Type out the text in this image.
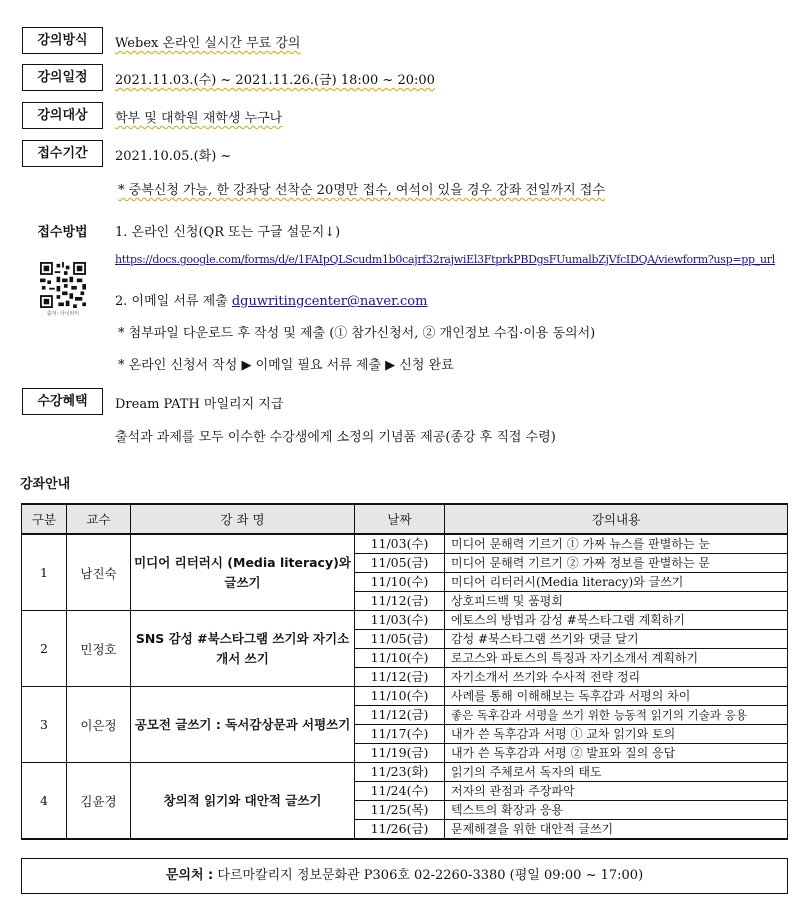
강의방식	Webex 온라인 실시간 무료 강의
강의일정	2021.11.03.(수) ~ 2021.11.26.(금) 18:00 ~ 20:00
강의대상	학부 및 대학원 재학생 누구나
접수기간	2021.10.05.(화) ~
* 중복신청 가능, 한 강좌당 선착순 20명만 접수, 여석이 있을 경우 강좌 전일까지 접수
접수방법	1. 온라인 신청(QR 또는 구글 설문지↓)
https://docs.google.com/forms/d/e/1FAIpQLScudm1b0cajrf32rajwiEl3FtprkPBDgsFUumalbZjVfcIDQA/viewform?usp=pp_url
출처: 아이러미
2. 이메일 서류 제출 dguwritingcenter@naver.com
* 첨부파일 다운로드 후 작성 및 제출 (① 참가신청서, ② 개인정보 수집·이용 동의서)
* 온라인 신청서 작성 ▶ 이메일 필요 서류 제출 ▶ 신청 완료
수강혜택	Dream PATH 마일리지 지급
출석과 과제를 모두 이수한 수강생에게 소정의 기념품 제공(종강 후 직접 수령)
강좌안내
구분	교수	강 좌 명	날짜	강의내용
1	남진숙	미디어 리터러시 (Media literacy)와 글쓰기	11/03(수)	미디어 문해력 기르기 ① 가짜 뉴스를 판별하는 눈
			11/05(금)	미디어 문해력 기르기 ② 가짜 정보를 판별하는 문
			11/10(수)	미디어 리터러시(Media literacy)와 글쓰기
			11/12(금)	상호피드백 및 품평회
2	민정호	SNS 감성 #북스타그램 쓰기와 자기소개서 쓰기	11/03(수)	에토스의 방법과 감성 #북스타그램 계획하기
			11/05(금)	감성 #북스타그램 쓰기와 댓글 달기
			11/10(수)	로고스와 파토스의 특징과 자기소개서 계획하기
			11/12(금)	자기소개서 쓰기와 수사적 전략 정리
3	이은정	공모전 글쓰기 : 독서감상문과 서평쓰기	11/10(수)	사례를 통해 이해해보는 독후감과 서평의 차이
			11/12(금)	좋은 독후감과 서평을 쓰기 위한 능동적 읽기의 기술과 응용
			11/17(수)	내가 쓴 독후감과 서평 ① 교차 읽기와 토의
			11/19(금)	내가 쓴 독후감과 서평 ② 발표와 질의 응답
4	김윤경	창의적 읽기와 대안적 글쓰기	11/23(화)	읽기의 주체로서 독자의 태도
			11/24(수)	저자의 관점과 주장파악
			11/25(목)	텍스트의 확장과 응용
			11/26(금)	문제해결을 위한 대안적 글쓰기
문의처 : 다르마칼리지 정보문화관 P306호 02-2260-3380 (평일 09:00 ~ 17:00)
